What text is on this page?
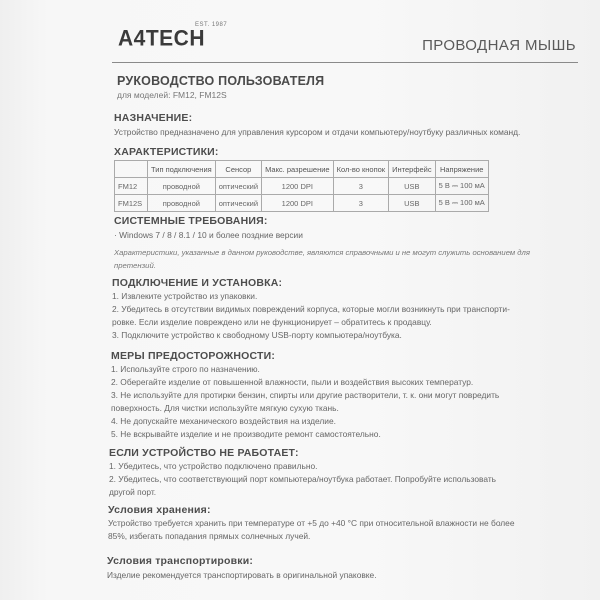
A4TECH
EST. 1987
ПРОВОДНАЯ МЫШЬ
РУКОВОДСТВО ПОЛЬЗОВАТЕЛЯ
для моделей: FM12, FM12S
НАЗНАЧЕНИЕ:
Устройство предназначено для управления курсором и отдачи компьютеру/ноутбуку различных команд.
ХАРАКТЕРИСТИКИ:
	Тип подключения	Сенсор	Макс. разрешение	Кол-во кнопок	Интерфейс	Напряжение
FM12	проводной	оптический	1200 DPI	3	USB	5 В ⎓ 100 мА
FM12S	проводной	оптический	1200 DPI	3	USB	5 В ⎓ 100 мА
СИСТЕМНЫЕ ТРЕБОВАНИЯ:
· Windows 7 / 8 / 8.1 / 10 и более поздние версии
Характеристики, указанные в данном руководстве, являются справочными и не могут служить основанием для
претензий.
ПОДКЛЮЧЕНИЕ И УСТАНОВКА:
1. Извлеките устройство из упаковки.
2. Убедитесь в отсутствии видимых повреждений корпуса, которые могли возникнуть при транспорти-
ровке. Если изделие повреждено или не функционирует – обратитесь к продавцу.
3. Подключите устройство к свободному USB-порту компьютера/ноутбука.
МЕРЫ ПРЕДОСТОРОЖНОСТИ:
1. Используйте строго по назначению.
2. Оберегайте изделие от повышенной влажности, пыли и воздействия высоких температур.
3. Не используйте для протирки бензин, спирты или другие растворители, т. к. они могут повредить
поверхность. Для чистки используйте мягкую сухую ткань.
4. Не допускайте механического воздействия на изделие.
5. Не вскрывайте изделие и не производите ремонт самостоятельно.
ЕСЛИ УСТРОЙСТВО НЕ РАБОТАЕТ:
1. Убедитесь, что устройство подключено правильно.
2. Убедитесь, что соответствующий порт компьютера/ноутбука работает. Попробуйте использовать
другой порт.
Условия хранения:
Устройство требуется хранить при температуре от +5 до +40 °C при относительной влажности не более
85%, избегать попадания прямых солнечных лучей.
Условия транспортировки:
Изделие рекомендуется транспортировать в оригинальной упаковке.
